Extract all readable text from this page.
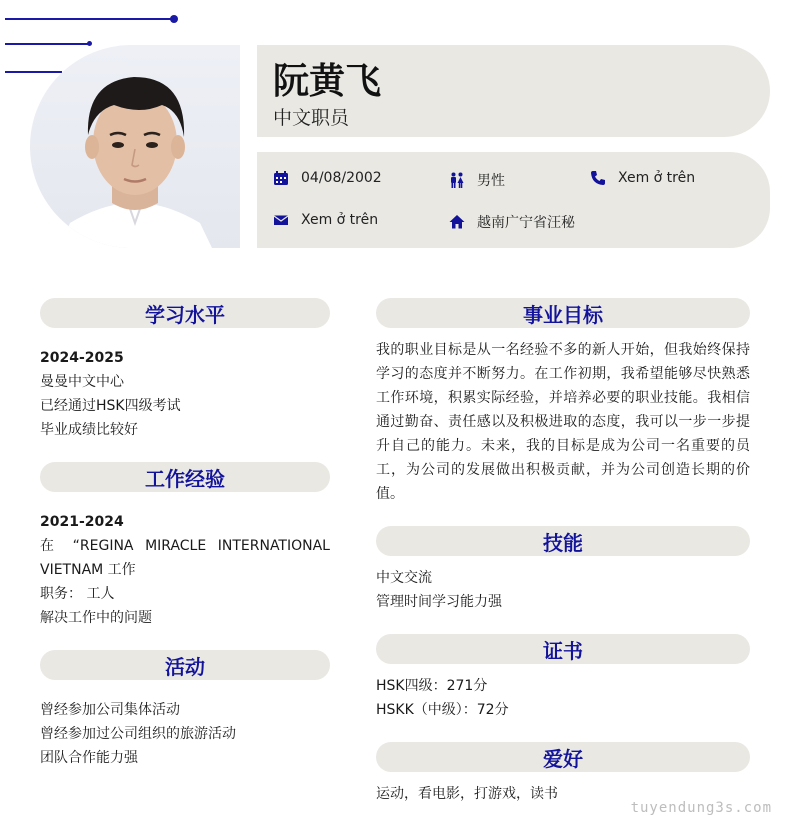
阮黄飞
中文职员
04/08/2002	男性	Xem ở trên
Xem ở trên	越南广宁省汪秘
学习水平
2024-2025
曼曼中文中心
已经通过HSK四级考试
毕业成绩比较好
工作经验
2021-2024
在 “REGINA MIRACLE INTERNATIONAL
VIETNAM 工作
职务： 工人
解决工作中的问题
活动
曾经参加公司集体活动
曾经参加过公司组织的旅游活动
团队合作能力强
事业目标
我的职业目标是从一名经验不多的新人开始，但我始终保持
学习的态度并不断努力。在工作初期，我希望能够尽快熟悉
工作环境，积累实际经验，并培养必要的职业技能。我相信
通过勤奋、责任感以及积极进取的态度，我可以一步一步提
升自己的能力。未来，我的目标是成为公司一名重要的员
工，为公司的发展做出积极贡献，并为公司创造长期的价
值。
技能
中文交流
管理时间学习能力强
证书
HSK四级：271分
HSKK（中级）：72分
爱好
运动，看电影，打游戏，读书
tuyendung3s.com
